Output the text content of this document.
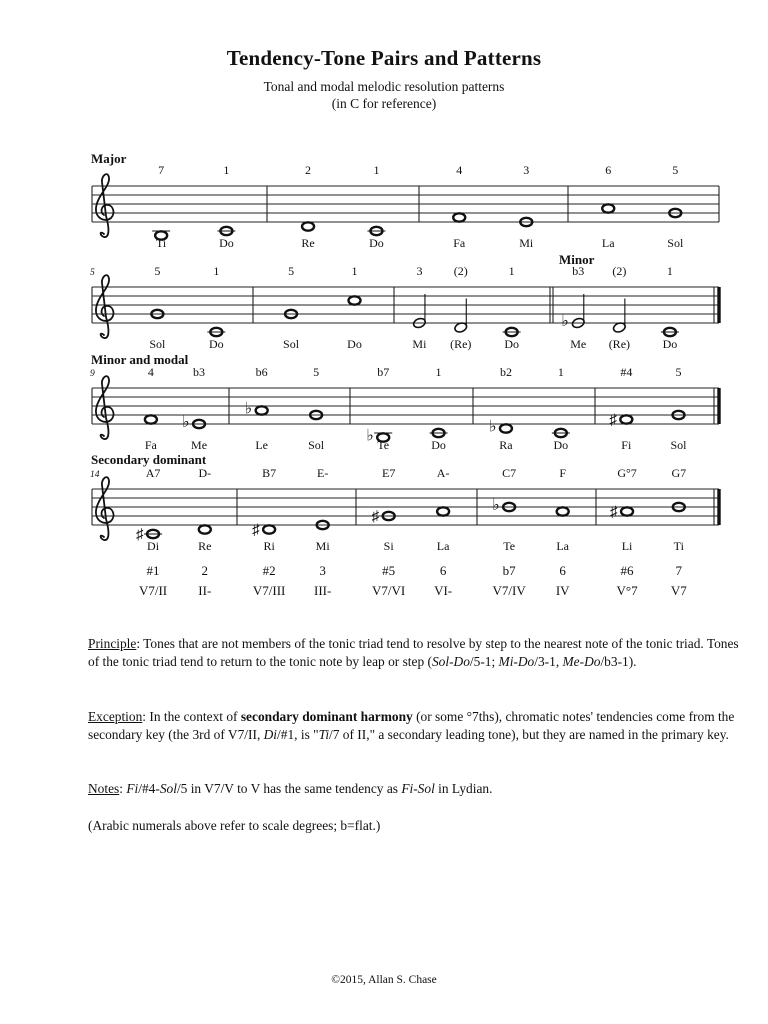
Tendency-Tone Pairs and Patterns
Tonal and modal melodic resolution patterns
(in C for reference)
Major
7
Ti
1
Do
2
Re
1
Do
4
Fa
3
Mi
6
La
5
Sol
Minor
5	5
Sol
1
Do
5
Sol
1
Do
3
Mi
(2)
(Re)
1
Do
♭
b3
Me
(2)
(Re)
1
Do
Minor and modal
9	4
Fa
♭
b3
Me
♭
b6
Le
5
Sol
♭
b7
Te
1
Do
♭
b2
Ra
1
Do
♯
#4
Fi
5
Sol
Secondary dominant
14
♯
A7
Di
#1
V7/II
D-
Re
2
II-
♯
B7
Ri
#2
V7/III
E-
Mi
3
III-
♯
E7
Si
#5
V7/VI
A-
La
6
VI-
♭
C7
Te
b7
V7/IV
F
La
6
IV
♯
G°7
Li
#6
V°7
G7
Ti
7
V7
Principle: Tones that are not members of the tonic triad tend to resolve by step to the nearest note of the tonic triad. Tones of the tonic triad tend to return to the tonic note by leap or step (Sol-Do/5-1; Mi-Do/3-1, Me-Do/b3-1).
Exception: In the context of secondary dominant harmony (or some °7ths), chromatic notes' tendencies come from the secondary key (the 3rd of V7/II, Di/#1, is "Ti/7 of II," a secondary leading tone), but they are named in the primary key.
Notes: Fi/#4-Sol/5 in V7/V to V has the same tendency as Fi-Sol in Lydian.
(Arabic numerals above refer to scale degrees; b=flat.)
©2015, Allan S. Chase
